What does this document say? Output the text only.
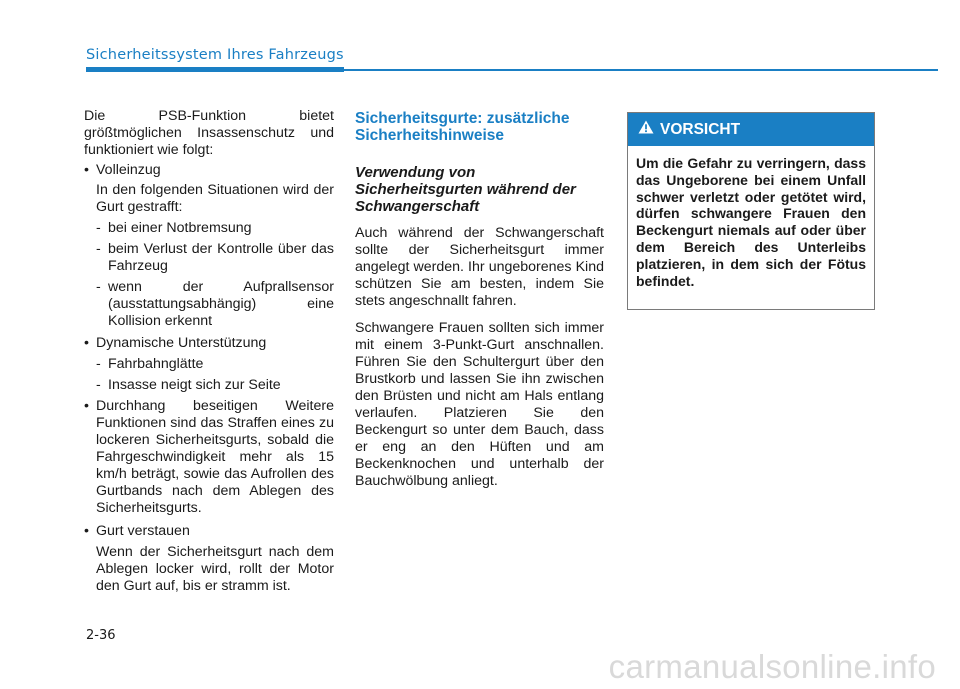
Sicherheitssystem Ihres Fahrzeugs

Die PSB-Funktion bietet größtmöglichen Insassenschutz und funktioniert wie folgt:

• Volleinzug

In den folgenden Situationen wird der Gurt gestrafft:

- bei einer Notbremsung
- beim Verlust der Kontrolle über das Fahrzeug
- wenn der Aufprallsensor (ausstattungsabhängig) eine Kollision erkennt
• Dynamische Unterstützung
- Fahrbahnglätte
- Insasse neigt sich zur Seite
• Durchhang beseitigen Weitere Funktionen sind das Straffen eines zu lockeren Sicherheitsgurts, sobald die Fahrgeschwindigkeit mehr als 15 km/h beträgt, sowie das Aufrollen des Gurtbands nach dem Ablegen des Sicherheitsgurts.
• Gurt verstauen

Wenn der Sicherheitsgurt nach dem Ablegen locker wird, rollt der Motor den Gurt auf, bis er stramm ist.

Sicherheitsgurte: zusätzliche Sicherheitshinweise
Verwendung von Sicherheitsgurten während der Schwangerschaft

Auch während der Schwangerschaft sollte der Sicherheitsgurt immer angelegt werden. Ihr ungeborenes Kind schützen Sie am besten, indem Sie stets angeschnallt fahren.

Schwangere Frauen sollten sich immer mit einem 3-Punkt-Gurt anschnallen. Führen Sie den Schultergurt über den Brustkorb und lassen Sie ihn zwischen den Brüsten und nicht am Hals entlang verlaufen. Platzieren Sie den Beckengurt so unter dem Bauch, dass er eng an den Hüften und am Beckenknochen und unterhalb der Bauchwölbung anliegt.

VORSICHT
Um die Gefahr zu verringern, dass das Ungeborene bei einem Unfall schwer verletzt oder getötet wird, dürfen schwangere Frauen den Beckengurt niemals auf oder über dem Bereich des Unterleibs platzieren, in dem sich der Fötus befindet.
2-36
carmanualsonline.info
